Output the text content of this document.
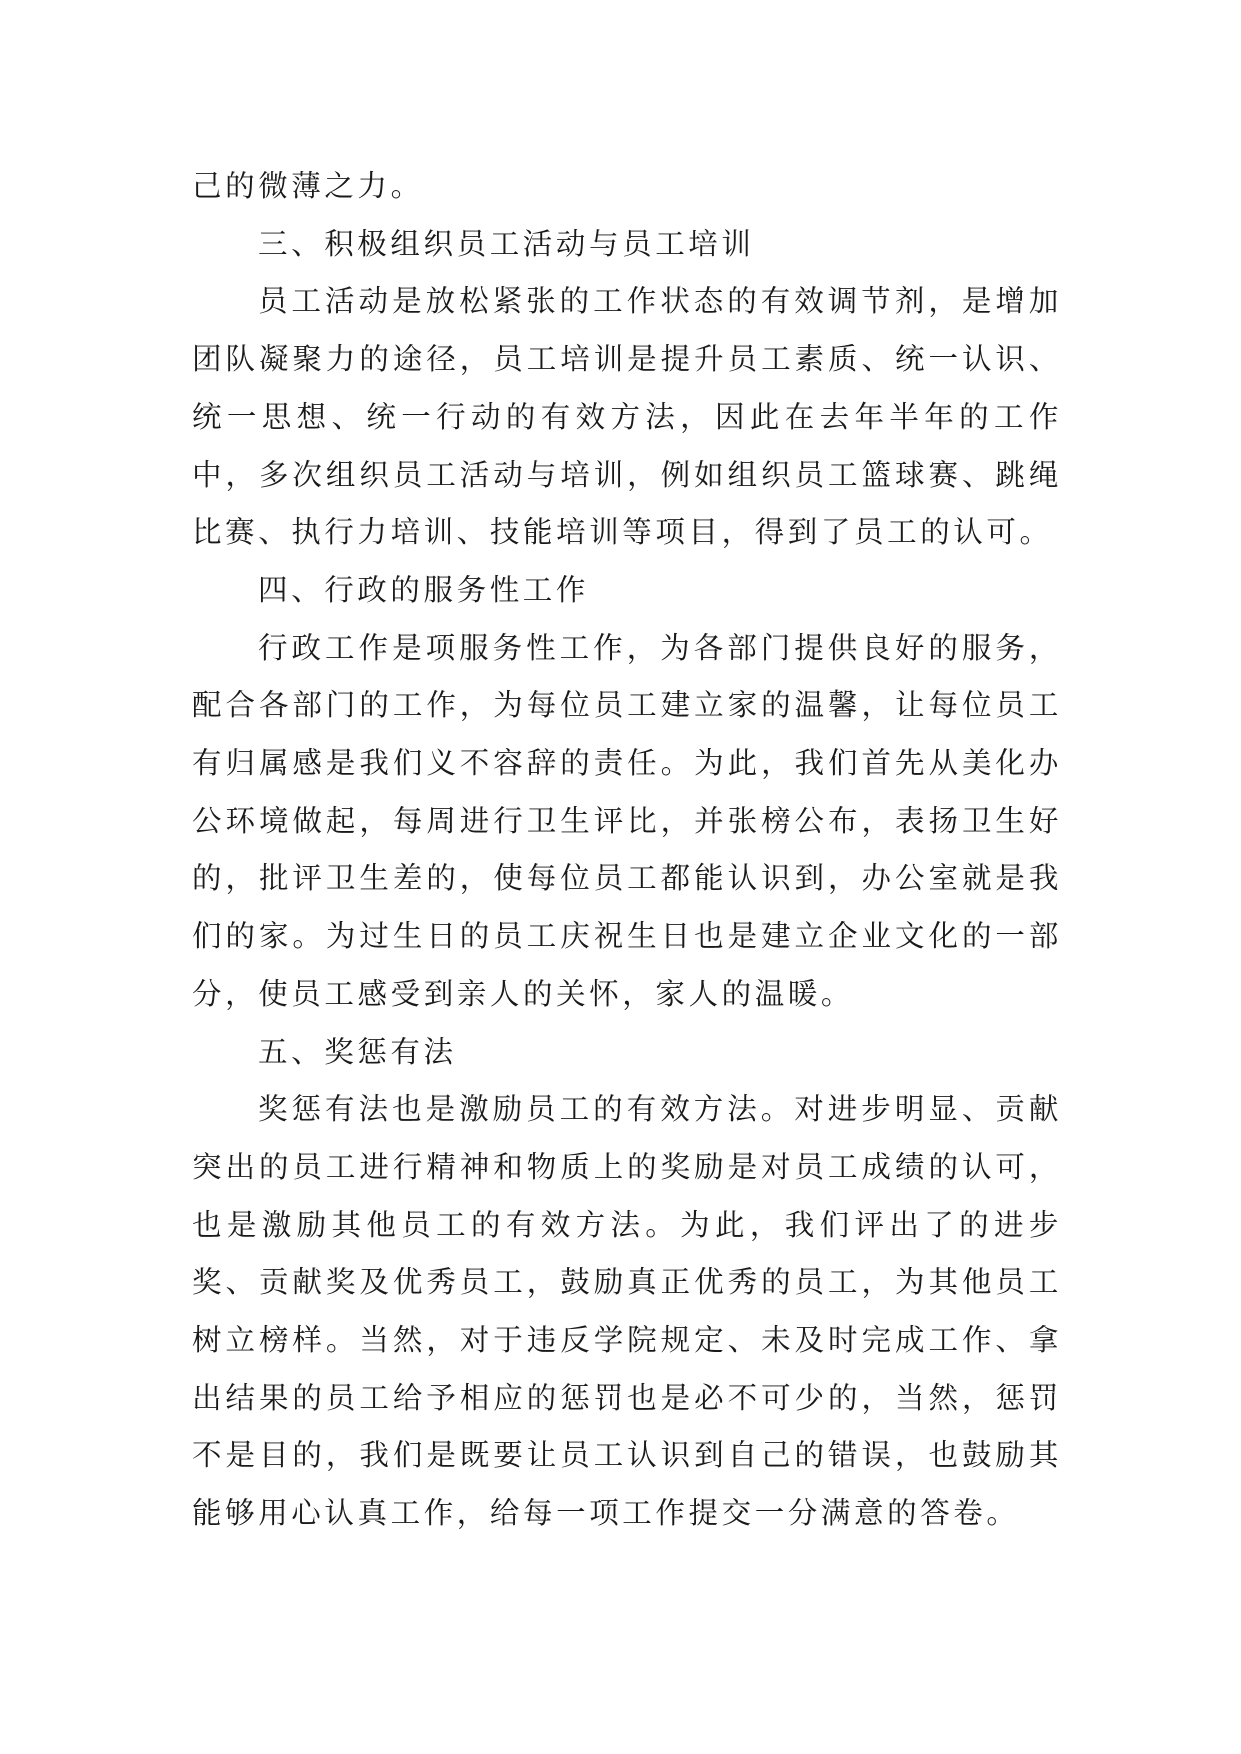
己的微薄之力。

三、积极组织员工活动与员工培训

员工活动是放松紧张的工作状态的有效调节剂，是增加团队凝聚力的途径，员工培训是提升员工素质、统一认识、统一思想、统一行动的有效方法，因此在去年半年的工作中，多次组织员工活动与培训，例如组织员工篮球赛、跳绳比赛、执行力培训、技能培训等项目，得到了员工的认可。

四、行政的服务性工作

行政工作是项服务性工作，为各部门提供良好的服务，配合各部门的工作，为每位员工建立家的温馨，让每位员工有归属感是我们义不容辞的责任。为此，我们首先从美化办公环境做起，每周进行卫生评比，并张榜公布，表扬卫生好的，批评卫生差的，使每位员工都能认识到，办公室就是我们的家。为过生日的员工庆祝生日也是建立企业文化的一部分，使员工感受到亲人的关怀，家人的温暖。

五、奖惩有法

奖惩有法也是激励员工的有效方法。对进步明显、贡献突出的员工进行精神和物质上的奖励是对员工成绩的认可，也是激励其他员工的有效方法。为此，我们评出了的进步奖、贡献奖及优秀员工，鼓励真正优秀的员工，为其他员工树立榜样。当然，对于违反学院规定、未及时完成工作、拿出结果的员工给予相应的惩罚也是必不可少的，当然，惩罚不是目的，我们是既要让员工认识到自己的错误，也鼓励其能够用心认真工作，给每一项工作提交一分满意的答卷。
